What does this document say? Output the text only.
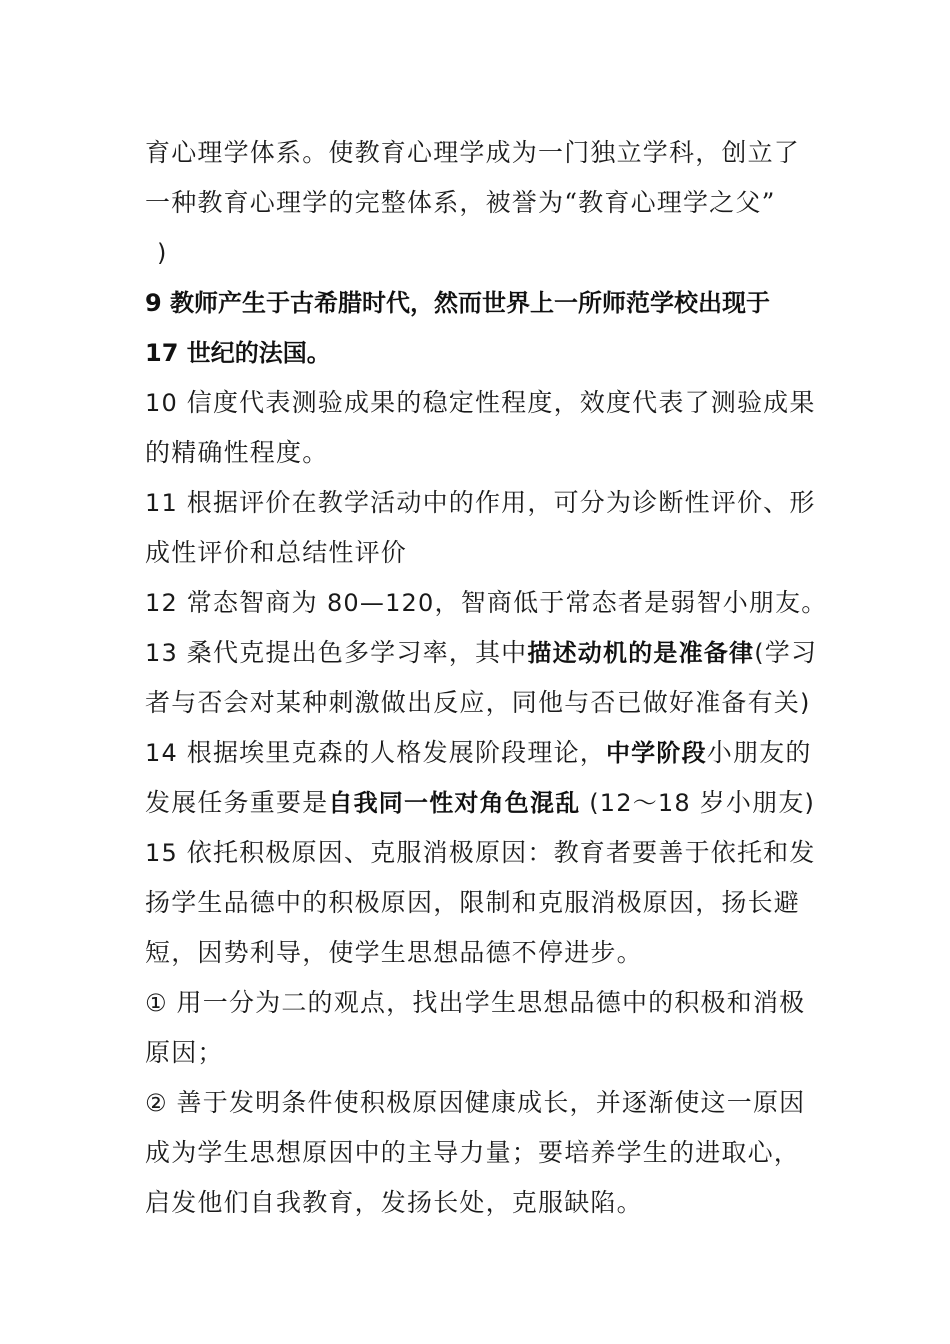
育心理学体系。使教育心理学成为一门独立学科，创立了
一种教育心理学的完整体系，被誉为“教育心理学之父”
)
9 教师产生于古希腊时代，然而世界上一所师范学校出现于
17 世纪的法国。
10 信度代表测验成果的稳定性程度，效度代表了测验成果
的精确性程度。
11 根据评价在教学活动中的作用，可分为诊断性评价、形
成性评价和总结性评价
12 常态智商为 80—120，智商低于常态者是弱智小朋友。
13 桑代克提出色多学习率，其中描述动机的是准备律(学习
者与否会对某种刺激做出反应，同他与否已做好准备有关)
14 根据埃里克森的人格发展阶段理论，中学阶段小朋友的
发展任务重要是自我同一性对角色混乱 (12～18 岁小朋友)
15 依托积极原因、克服消极原因：教育者要善于依托和发
扬学生品德中的积极原因，限制和克服消极原因，扬长避
短，因势利导，使学生思想品德不停进步。
① 用一分为二的观点，找出学生思想品德中的积极和消极
原因；
② 善于发明条件使积极原因健康成长，并逐渐使这一原因
成为学生思想原因中的主导力量；要培养学生的进取心，
启发他们自我教育，发扬长处，克服缺陷。
